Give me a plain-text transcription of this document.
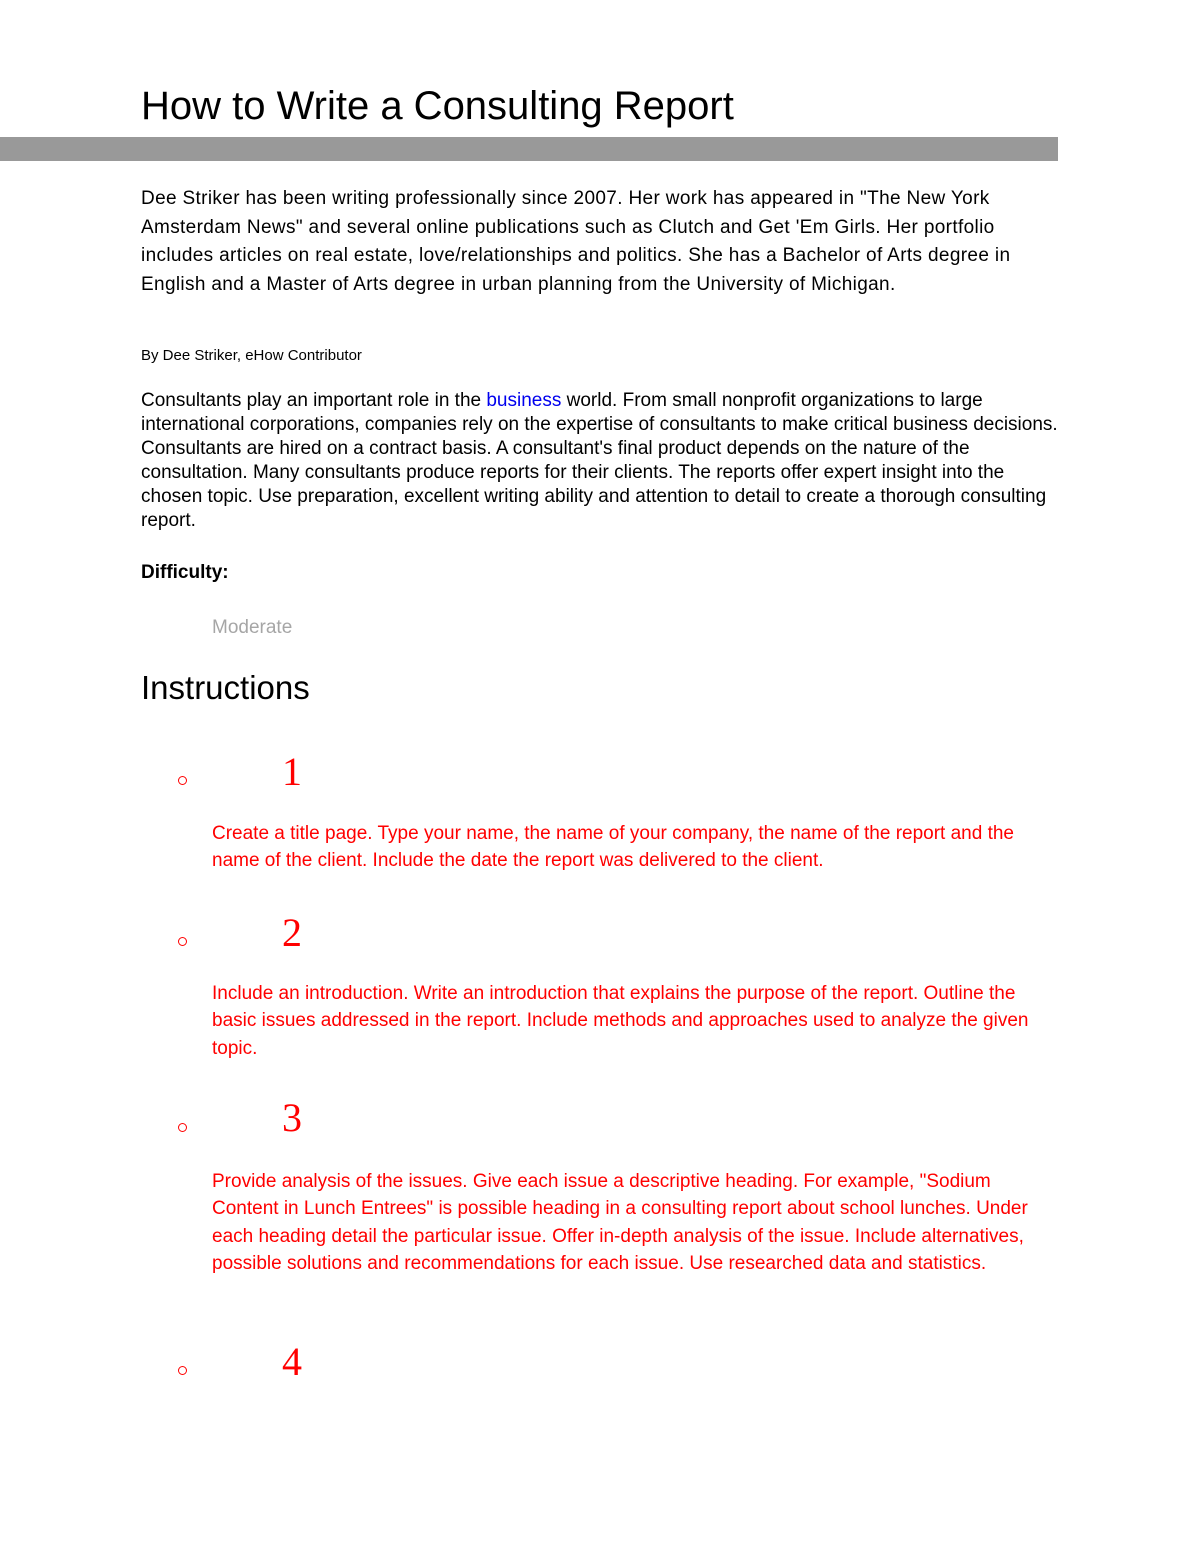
How to Write a Consulting Report

Dee Striker has been writing professionally since 2007. Her work has appeared in "The New York Amsterdam News" and several online publications such as Clutch and Get 'Em Girls. Her portfolio includes articles on real estate, love/relationships and politics. She has a Bachelor of Arts degree in English and a Master of Arts degree in urban planning from the University of Michigan.

By Dee Striker, eHow Contributor

Consultants play an important role in the business world. From small nonprofit organizations to large international corporations, companies rely on the expertise of consultants to make critical business decisions. Consultants are hired on a contract basis. A consultant's final product depends on the nature of the consultation. Many consultants produce reports for their clients. The reports offer expert insight into the chosen topic. Use preparation, excellent writing ability and attention to detail to create a thorough consulting report.

Difficulty:

Moderate

Instructions
1

Create a title page. Type your name, the name of your company, the name of the report and the name of the client. Include the date the report was delivered to the client.

2

Include an introduction. Write an introduction that explains the purpose of the report. Outline the basic issues addressed in the report. Include methods and approaches used to analyze the given topic.

3

Provide analysis of the issues. Give each issue a descriptive heading. For example, "Sodium Content in Lunch Entrees" is possible heading in a consulting report about school lunches. Under each heading detail the particular issue. Offer in-depth analysis of the issue. Include alternatives, possible solutions and recommendations for each issue. Use researched data and statistics.

4
